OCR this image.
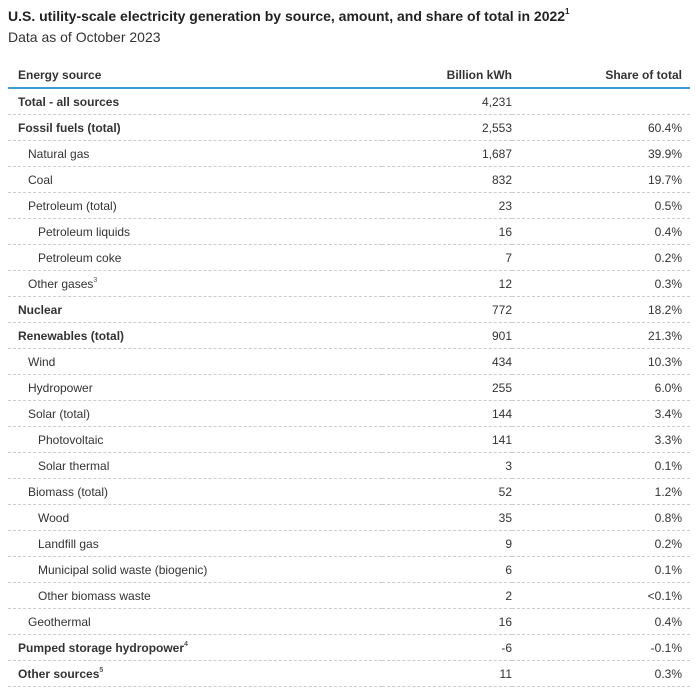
U.S. utility-scale electricity generation by source, amount, and share of total in 2022$^1$
Data as of October 2023
Energy source	Billion kWh	Share of total
Total - all sources	4,231	
Fossil fuels (total)	2,553	60.4%
Natural gas	1,687	39.9%
Coal	832	19.7%
Petroleum (total)	23	0.5%
Petroleum liquids	16	0.4%
Petroleum coke	7	0.2%
Other gases$^3$	12	0.3%
Nuclear	772	18.2%
Renewables (total)	901	21.3%
Wind	434	10.3%
Hydropower	255	6.0%
Solar (total)	144	3.4%
Photovoltaic	141	3.3%
Solar thermal	3	0.1%
Biomass (total)	52	1.2%
Wood	35	0.8%
Landfill gas	9	0.2%
Municipal solid waste (biogenic)	6	0.1%
Other biomass waste	2	<0.1%
Geothermal	16	0.4%
Pumped storage hydropower$^4$	-6	-0.1%
Other sources$^5$	11	0.3%
